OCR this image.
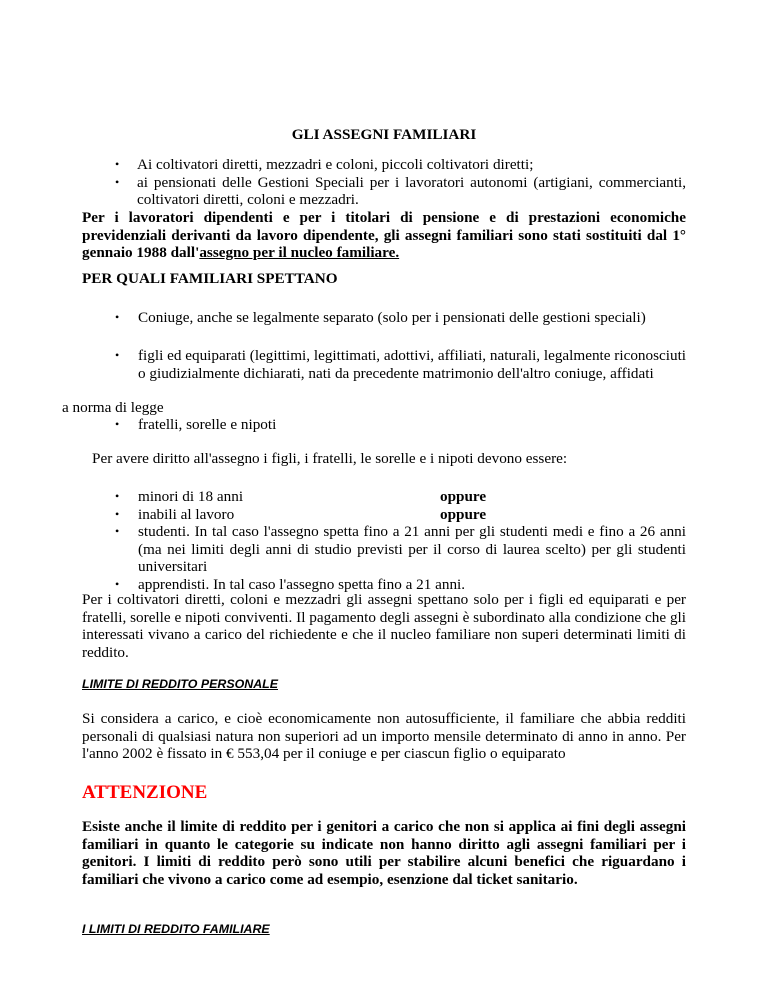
GLI ASSEGNI FAMILIARI

• Ai coltivatori diretti, mezzadri e coloni, piccoli coltivatori diretti;
• ai pensionati delle Gestioni Speciali per i lavoratori autonomi (artigiani, commercianti, coltivatori diretti, coloni e mezzadri.

Per i lavoratori dipendenti e per i titolari di pensione e di prestazioni economiche previdenziali derivanti da lavoro dipendente, gli assegni familiari sono stati sostituiti dal 1° gennaio 1988 dall'assegno per il nucleo familiare.

PER QUALI FAMILIARI SPETTANO

• Coniuge, anche se legalmente separato (solo per i pensionati delle gestioni speciali)
• figli ed equiparati (legittimi, legittimati, adottivi, affiliati, naturali, legalmente riconosciuti o giudizialmente dichiarati, nati da precedente matrimonio dell'altro coniuge, affidati

a norma di legge

• fratelli, sorelle e nipoti

Per avere diritto all'assegno i figli, i fratelli, le sorelle e i nipoti devono essere:

• minori di 18 anni	oppure
• inabili al lavoro	oppure
• studenti. In tal caso l'assegno spetta fino a 21 anni per gli studenti medi e fino a 26 anni (ma nei limiti degli anni di studio previsti per il corso di laurea scelto) per gli studenti universitari
• apprendisti. In tal caso l'assegno spetta fino a 21 anni.

Per i coltivatori diretti, coloni e mezzadri gli assegni spettano solo per i figli ed equiparati e per fratelli, sorelle e nipoti conviventi. Il pagamento degli assegni è subordinato alla condizione che gli interessati vivano a carico del richiedente e che il nucleo familiare non superi determinati limiti di reddito.

LIMITE DI REDDITO PERSONALE

Si considera a carico, e cioè economicamente non autosufficiente, il familiare che abbia redditi personali di qualsiasi natura non superiori ad un importo mensile determinato di anno in anno. Per l'anno 2002 è fissato in € 553,04 per il coniuge e per ciascun figlio o equiparato

ATTENZIONE

Esiste anche il limite di reddito per i genitori a carico che non si applica ai fini degli assegni familiari in quanto le categorie su indicate non hanno diritto agli assegni familiari per i genitori. I limiti di reddito però sono utili per stabilire alcuni benefici che riguardano i familiari che vivono a carico come ad esempio, esenzione dal ticket sanitario.

I LIMITI DI REDDITO FAMILIARE
